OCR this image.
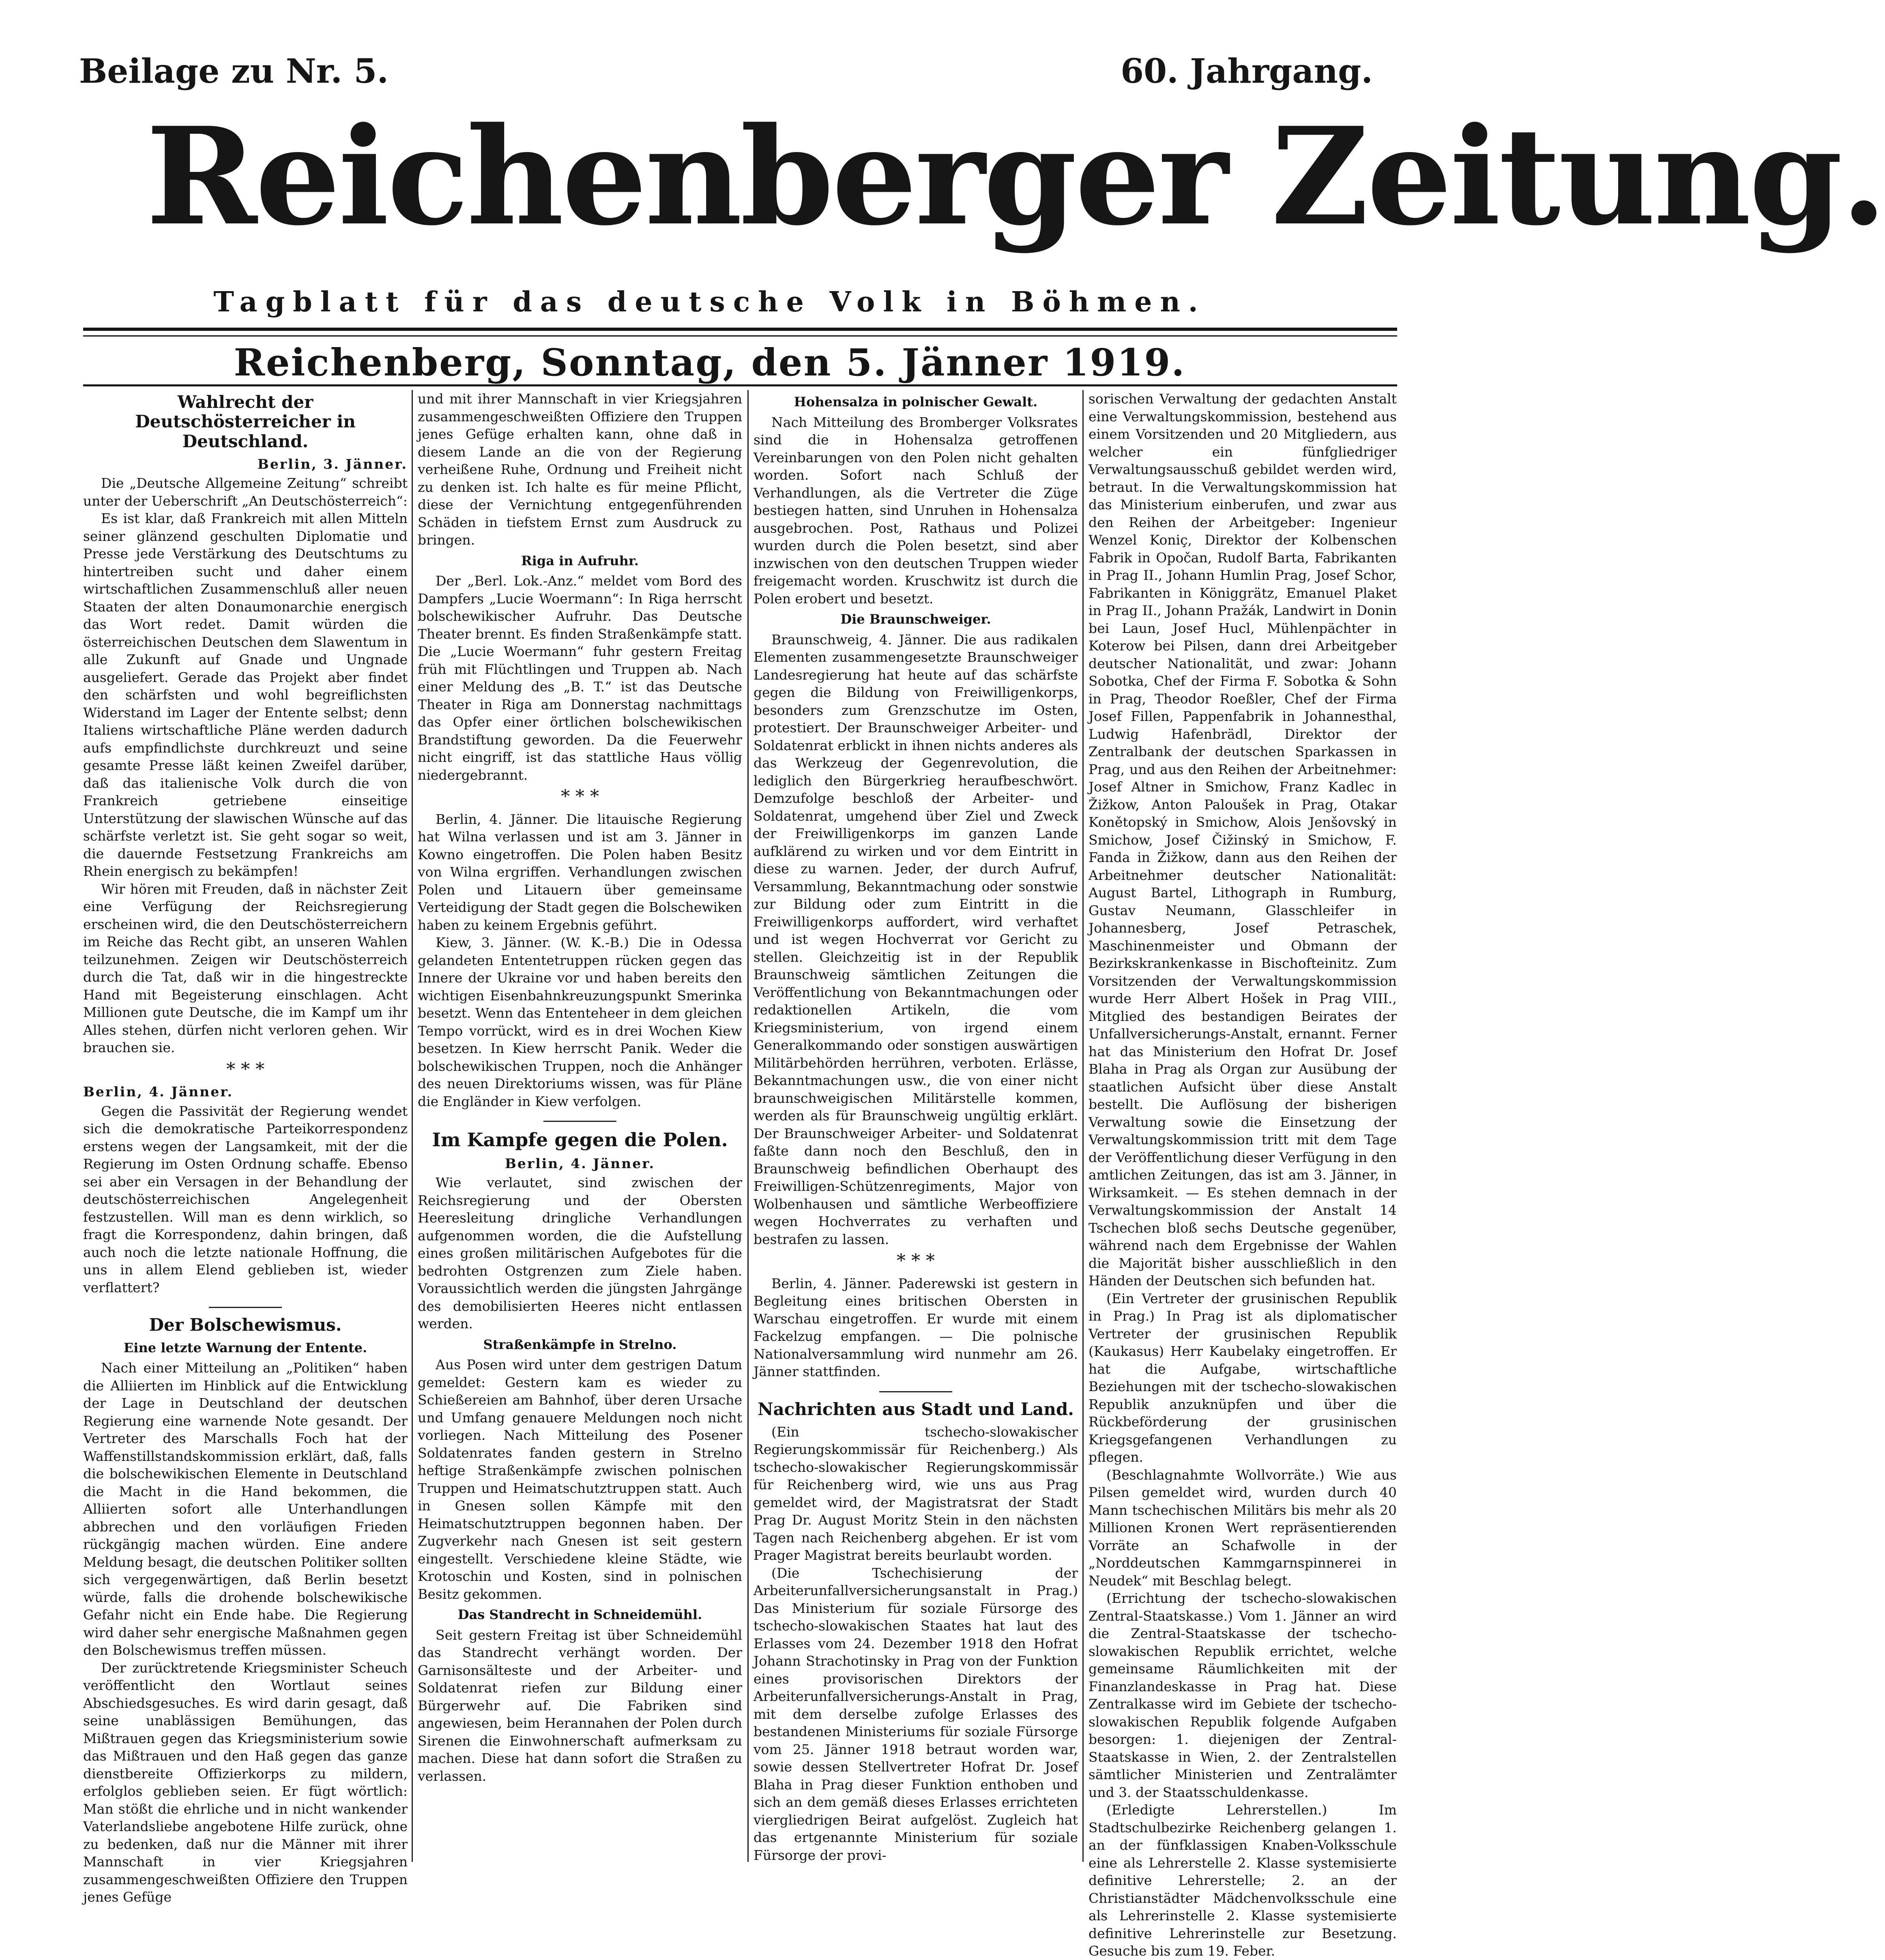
Beilage zu Nr. 5.	60. Jahrgang.
Reichenberger Zeitung.
Tagblatt für das deutsche Volk in Böhmen.
Reichenberg, Sonntag, den 5. Jänner 1919.
Wahlrecht der Deutschösterreicher in Deutschland.

Berlin, 3. Jänner.

Die „Deutsche Allgemeine Zeitung“ schreibt unter der Ueberschrift „An Deutschösterreich“:

Es ist klar, daß Frankreich mit allen Mitteln seiner glänzend geschulten Diplomatie und Presse jede Verstärkung des Deutschtums zu hintertreiben sucht und daher einem wirtschaftlichen Zusammenschluß aller neuen Staaten der alten Donaumonarchie energisch das Wort redet. Damit würden die österreichischen Deutschen dem Slawentum in alle Zukunft auf Gnade und Ungnade ausgeliefert. Gerade das Projekt aber findet den schärfsten und wohl begreiflichsten Widerstand im Lager der Entente selbst; denn Italiens wirtschaftliche Pläne werden dadurch aufs empfindlichste durchkreuzt und seine gesamte Presse läßt keinen Zweifel darüber, daß das italienische Volk durch die von Frankreich getriebene einseitige Unterstützung der slawischen Wünsche auf das schärfste verletzt ist. Sie geht sogar so weit, die dauernde Festsetzung Frankreichs am Rhein energisch zu bekämpfen!

Wir hören mit Freuden, daß in nächster Zeit eine Verfügung der Reichsregierung erscheinen wird, die den Deutschösterreichern im Reiche das Recht gibt, an unseren Wahlen teilzunehmen. Zeigen wir Deutschösterreich durch die Tat, daß wir in die hingestreckte Hand mit Begeisterung einschlagen. Acht Millionen gute Deutsche, die im Kampf um ihr Alles stehen, dürfen nicht verloren gehen. Wir brauchen sie.

* * *

Berlin, 4. Jänner.

Gegen die Passivität der Regierung wendet sich die demokratische Parteikorrespondenz erstens wegen der Langsamkeit, mit der die Regierung im Osten Ordnung schaffe. Ebenso sei aber ein Versagen in der Behandlung der deutschösterreichischen Angelegenheit festzustellen. Will man es denn wirklich, so fragt die Korrespondenz, dahin bringen, daß auch noch die letzte nationale Hoffnung, die uns in allem Elend geblieben ist, wieder verflattert?

Der Bolschewismus.
Eine letzte Warnung der Entente.

Nach einer Mitteilung an „Politiken“ haben die Alliierten im Hinblick auf die Entwicklung der Lage in Deutschland der deutschen Regierung eine warnende Note gesandt. Der Vertreter des Marschalls Foch hat der Waffenstillstandskommission erklärt, daß, falls die bolschewikischen Elemente in Deutschland die Macht in die Hand bekommen, die Alliierten sofort alle Unterhandlungen abbrechen und den vorläufigen Frieden rückgängig machen würden. Eine andere Meldung besagt, die deutschen Politiker sollten sich vergegenwärtigen, daß Berlin besetzt würde, falls die drohende bolschewikische Gefahr nicht ein Ende habe. Die Regierung wird daher sehr energische Maßnahmen gegen den Bolschewismus treffen müssen.

Der zurücktretende Kriegsminister Scheuch veröffentlicht den Wortlaut seines Abschiedsgesuches. Es wird darin gesagt, daß seine unablässigen Bemühungen, das Mißtrauen gegen das Kriegsministerium sowie das Mißtrauen und den Haß gegen das ganze dienstbereite Offizierkorps zu mildern, erfolglos geblieben seien. Er fügt wörtlich: Man stößt die ehrliche und in nicht wankender Vaterlandsliebe angebotene Hilfe zurück, ohne zu bedenken, daß nur die Männer mit ihrer Mannschaft in vier Kriegsjahren zusammengeschweißten Offiziere den Truppen jenes Gefüge

und mit ihrer Mannschaft in vier Kriegsjahren zusammengeschweißten Offiziere den Truppen jenes Gefüge erhalten kann, ohne daß in diesem Lande an die von der Regierung verheißene Ruhe, Ordnung und Freiheit nicht zu denken ist. Ich halte es für meine Pflicht, diese der Vernichtung entgegenführenden Schäden in tiefstem Ernst zum Ausdruck zu bringen.

Riga in Aufruhr.

Der „Berl. Lok.-Anz.“ meldet vom Bord des Dampfers „Lucie Woermann“: In Riga herrscht bolschewikischer Aufruhr. Das Deutsche Theater brennt. Es finden Straßenkämpfe statt. Die „Lucie Woermann“ fuhr gestern Freitag früh mit Flüchtlingen und Truppen ab. Nach einer Meldung des „B. T.“ ist das Deutsche Theater in Riga am Donnerstag nachmittags das Opfer einer örtlichen bolschewikischen Brandstiftung geworden. Da die Feuerwehr nicht eingriff, ist das stattliche Haus völlig niedergebrannt.

* * *

Berlin, 4. Jänner. Die litauische Regierung hat Wilna verlassen und ist am 3. Jänner in Kowno eingetroffen. Die Polen haben Besitz von Wilna ergriffen. Verhandlungen zwischen Polen und Litauern über gemeinsame Verteidigung der Stadt gegen die Bolschewiken haben zu keinem Ergebnis geführt.

Kiew, 3. Jänner. (W. K.-B.) Die in Odessa gelandeten Ententetruppen rücken gegen das Innere der Ukraine vor und haben bereits den wichtigen Eisenbahnkreuzungspunkt Smerinka besetzt. Wenn das Ententeheer in dem gleichen Tempo vorrückt, wird es in drei Wochen Kiew besetzen. In Kiew herrscht Panik. Weder die bolschewikischen Truppen, noch die Anhänger des neuen Direktoriums wissen, was für Pläne die Engländer in Kiew verfolgen.

Im Kampfe gegen die Polen.

Berlin, 4. Jänner.

Wie verlautet, sind zwischen der Reichsregierung und der Obersten Heeresleitung dringliche Verhandlungen aufgenommen worden, die die Aufstellung eines großen militärischen Aufgebotes für die bedrohten Ostgrenzen zum Ziele haben. Voraussichtlich werden die jüngsten Jahrgänge des demobilisierten Heeres nicht entlassen werden.

Straßenkämpfe in Strelno.

Aus Posen wird unter dem gestrigen Datum gemeldet: Gestern kam es wieder zu Schießereien am Bahnhof, über deren Ursache und Umfang genauere Meldungen noch nicht vorliegen. Nach Mitteilung des Posener Soldatenrates fanden gestern in Strelno heftige Straßenkämpfe zwischen polnischen Truppen und Heimatschutztruppen statt. Auch in Gnesen sollen Kämpfe mit den Heimatschutztruppen begonnen haben. Der Zugverkehr nach Gnesen ist seit gestern eingestellt. Verschiedene kleine Städte, wie Krotoschin und Kosten, sind in polnischen Besitz gekommen.

Das Standrecht in Schneidemühl.

Seit gestern Freitag ist über Schneidemühl das Standrecht verhängt worden. Der Garnisonsälteste und der Arbeiter- und Soldatenrat riefen zur Bildung einer Bürgerwehr auf. Die Fabriken sind angewiesen, beim Herannahen der Polen durch Sirenen die Einwohnerschaft aufmerksam zu machen. Diese hat dann sofort die Straßen zu verlassen.

Hohensalza in polnischer Gewalt.

Nach Mitteilung des Bromberger Volksrates sind die in Hohensalza getroffenen Vereinbarungen von den Polen nicht gehalten worden. Sofort nach Schluß der Verhandlungen, als die Vertreter die Züge bestiegen hatten, sind Unruhen in Hohensalza ausgebrochen. Post, Rathaus und Polizei wurden durch die Polen besetzt, sind aber inzwischen von den deutschen Truppen wieder freigemacht worden. Kruschwitz ist durch die Polen erobert und besetzt.

Die Braunschweiger.

Braunschweig, 4. Jänner. Die aus radikalen Elementen zusammengesetzte Braunschweiger Landesregierung hat heute auf das schärfste gegen die Bildung von Freiwilligenkorps, besonders zum Grenzschutze im Osten, protestiert. Der Braunschweiger Arbeiter- und Soldatenrat erblickt in ihnen nichts anderes als das Werkzeug der Gegenrevolution, die lediglich den Bürgerkrieg heraufbeschwört. Demzufolge beschloß der Arbeiter- und Soldatenrat, umgehend über Ziel und Zweck der Freiwilligenkorps im ganzen Lande aufklärend zu wirken und vor dem Eintritt in diese zu warnen. Jeder, der durch Aufruf, Versammlung, Bekanntmachung oder sonstwie zur Bildung oder zum Eintritt in die Freiwilligenkorps auffordert, wird verhaftet und ist wegen Hochverrat vor Gericht zu stellen. Gleichzeitig ist in der Republik Braunschweig sämtlichen Zeitungen die Veröffentlichung von Bekanntmachungen oder redaktionellen Artikeln, die vom Kriegsministerium, von irgend einem Generalkommando oder sonstigen auswärtigen Militärbehörden herrühren, verboten. Erlässe, Bekanntmachungen usw., die von einer nicht braunschweigischen Militärstelle kommen, werden als für Braunschweig ungültig erklärt. Der Braunschweiger Arbeiter- und Soldatenrat faßte dann noch den Beschluß, den in Braunschweig befindlichen Oberhaupt des Freiwilligen-Schützenregiments, Major von Wolbenhausen und sämtliche Werbeoffiziere wegen Hochverrates zu verhaften und bestrafen zu lassen.

* * *

Berlin, 4. Jänner. Paderewski ist gestern in Begleitung eines britischen Obersten in Warschau eingetroffen. Er wurde mit einem Fackelzug empfangen. — Die polnische Nationalversammlung wird nunmehr am 26. Jänner stattfinden.

Nachrichten aus Stadt und Land.

(Ein tschecho-slowakischer Regierungskommissär für Reichenberg.) Als tschecho-slowakischer Regierungskommissär für Reichenberg wird, wie uns aus Prag gemeldet wird, der Magistratsrat der Stadt Prag Dr. August Moritz Stein in den nächsten Tagen nach Reichenberg abgehen. Er ist vom Prager Magistrat bereits beurlaubt worden.

(Die Tschechisierung der Arbeiterunfallversicherungsanstalt in Prag.) Das Ministerium für soziale Fürsorge des tschecho-slowakischen Staates hat laut des Erlasses vom 24. Dezember 1918 den Hofrat Johann Strachotinsky in Prag von der Funktion eines provisorischen Direktors der Arbeiterunfallversicherungs-Anstalt in Prag, mit dem derselbe zufolge Erlasses des bestandenen Ministeriums für soziale Fürsorge vom 25. Jänner 1918 betraut worden war, sowie dessen Stellvertreter Hofrat Dr. Josef Blaha in Prag dieser Funktion enthoben und sich an dem gemäß dieses Erlasses errichteten viergliedrigen Beirat aufgelöst. Zugleich hat das ertgenannte Ministerium für soziale Fürsorge der provi-

sorischen Verwaltung der gedachten Anstalt eine Verwaltungskommission, bestehend aus einem Vorsitzenden und 20 Mitgliedern, aus welcher ein fünfgliedriger Verwaltungsausschuß gebildet werden wird, betraut. In die Verwaltungskommission hat das Ministerium einberufen, und zwar aus den Reihen der Arbeitgeber: Ingenieur Wenzel Koniç, Direktor der Kolbenschen Fabrik in Opočan, Rudolf Barta, Fabrikanten in Prag II., Johann Humlin Prag, Josef Schor, Fabrikanten in Königgrätz, Emanuel Plaket in Prag II., Johann Pražák, Landwirt in Donin bei Laun, Josef Hucl, Mühlenpächter in Koterow bei Pilsen, dann drei Arbeitgeber deutscher Nationalität, und zwar: Johann Sobotka, Chef der Firma F. Sobotka & Sohn in Prag, Theodor Roeßler, Chef der Firma Josef Fillen, Pappenfabrik in Johannesthal, Ludwig Hafenbrädl, Direktor der Zentralbank der deutschen Sparkassen in Prag, und aus den Reihen der Arbeitnehmer: Josef Altner in Smichow, Franz Kadlec in Žižkow, Anton Paloušek in Prag, Otakar Konětopský in Smichow, Alois Jenšovský in Smichow, Josef Čižinský in Smichow, F. Fanda in Žižkow, dann aus den Reihen der Arbeitnehmer deutscher Nationalität: August Bartel, Lithograph in Rumburg, Gustav Neumann, Glasschleifer in Johannesberg, Josef Petraschek, Maschinenmeister und Obmann der Bezirkskrankenkasse in Bischofteinitz. Zum Vorsitzenden der Verwaltungskommission wurde Herr Albert Hošek in Prag VIII., Mitglied des bestandigen Beirates der Unfallversicherungs-Anstalt, ernannt. Ferner hat das Ministerium den Hofrat Dr. Josef Blaha in Prag als Organ zur Ausübung der staatlichen Aufsicht über diese Anstalt bestellt. Die Auflösung der bisherigen Verwaltung sowie die Einsetzung der Verwaltungskommission tritt mit dem Tage der Veröffentlichung dieser Verfügung in den amtlichen Zeitungen, das ist am 3. Jänner, in Wirksamkeit. — Es stehen demnach in der Verwaltungskommission der Anstalt 14 Tschechen bloß sechs Deutsche gegenüber, während nach dem Ergebnisse der Wahlen die Majorität bisher ausschließlich in den Händen der Deutschen sich befunden hat.

(Ein Vertreter der grusinischen Republik in Prag.) In Prag ist als diplomatischer Vertreter der grusinischen Republik (Kaukasus) Herr Kaubelaky eingetroffen. Er hat die Aufgabe, wirtschaftliche Beziehungen mit der tschecho-slowakischen Republik anzuknüpfen und über die Rückbeförderung der grusinischen Kriegsgefangenen Verhandlungen zu pflegen.

(Beschlagnahmte Wollvorräte.) Wie aus Pilsen gemeldet wird, wurden durch 40 Mann tschechischen Militärs bis mehr als 20 Millionen Kronen Wert repräsentierenden Vorräte an Schafwolle in der „Norddeutschen Kammgarnspinnerei in Neudek“ mit Beschlag belegt.

(Errichtung der tschecho-slowakischen Zentral-Staatskasse.) Vom 1. Jänner an wird die Zentral-Staatskasse der tschecho-slowakischen Republik errichtet, welche gemeinsame Räumlichkeiten mit der Finanzlandeskasse in Prag hat. Diese Zentralkasse wird im Gebiete der tschecho-slowakischen Republik folgende Aufgaben besorgen: 1. diejenigen der Zentral-Staatskasse in Wien, 2. der Zentralstellen sämtlicher Ministerien und Zentralämter und 3. der Staatsschuldenkasse.

(Erledigte Lehrerstellen.) Im Stadtschulbezirke Reichenberg gelangen 1. an der fünfklassigen Knaben-Volksschule eine als Lehrerstelle 2. Klasse systemisierte definitive Lehrerstelle; 2. an der Christianstädter Mädchenvolksschule eine als Lehrerinstelle 2. Klasse systemisierte definitive Lehrerinstelle zur Besetzung. Gesuche bis zum 19. Feber.
